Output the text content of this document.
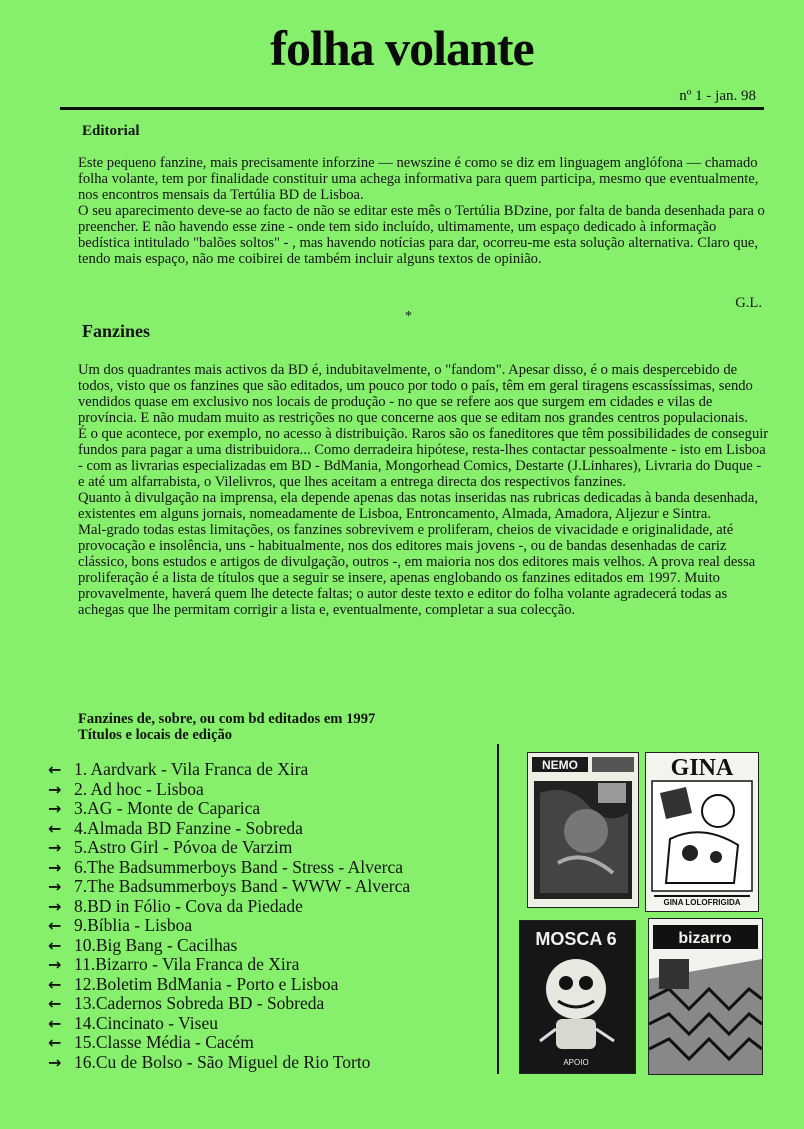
folha volante
nº 1 - jan. 98
Editorial

Este pequeno fanzine, mais precisamente inforzine — newszine é como se diz em linguagem anglófona — chamado folha volante, tem por finalidade constituir uma achega informativa para quem participa, mesmo que eventualmente, nos encontros mensais da Tertúlia BD de Lisboa.

O seu aparecimento deve-se ao facto de não se editar este mês o Tertúlia BDzine, por falta de banda desenhada para o preencher. E não havendo esse zine - onde tem sido incluído, ultimamente, um espaço dedicado à informação bedística intitulado "balões soltos" - , mas havendo notícias para dar, ocorreu-me esta solução alternativa. Claro que, tendo mais espaço, não me coibirei de também incluir alguns textos de opinião.

G.L.
*
Fanzines

Um dos quadrantes mais activos da BD é, indubitavelmente, o "fandom". Apesar disso, é o mais despercebido de todos, visto que os fanzines que são editados, um pouco por todo o país, têm em geral tiragens escassíssimas, sendo vendidos quase em exclusivo nos locais de produção - no que se refere aos que surgem em cidades e vilas de província. E não mudam muito as restrições no que concerne aos que se editam nos grandes centros populacionais.

É o que acontece, por exemplo, no acesso à distribuição. Raros são os faneditores que têm possibilidades de conseguir fundos para pagar a uma distribuidora... Como derradeira hipótese, resta-lhes contactar pessoalmente - isto em Lisboa - com as livrarias especializadas em BD - BdMania, Mongorhead Comics, Destarte (J.Linhares), Livraria do Duque - e até um alfarrabista, o Vilelivros, que lhes aceitam a entrega directa dos respectivos fanzines.

Quanto à divulgação na imprensa, ela depende apenas das notas inseridas nas rubricas dedicadas à banda desenhada, existentes em alguns jornais, nomeadamente de Lisboa, Entroncamento, Almada, Amadora, Aljezur e Sintra.

Mal-grado todas estas limitações, os fanzines sobrevivem e proliferam, cheios de vivacidade e originalidade, até provocação e insolência, uns - habitualmente, nos dos editores mais jovens -, ou de bandas desenhadas de cariz clássico, bons estudos e artigos de divulgação, outros -, em maioria nos dos editores mais velhos. A prova real dessa proliferação é a lista de títulos que a seguir se insere, apenas englobando os fanzines editados em 1997. Muito provavelmente, haverá quem lhe detecte faltas; o autor deste texto e editor do folha volante agradecerá todas as achegas que lhe permitam corrigir a lista e, eventualmente, completar a sua colecção.

Fanzines de, sobre, ou com bd editados em 1997
Títulos e locais de edição
← 1. Aardvark - Vila Franca de Xira
→ 2. Ad hoc - Lisboa
→ 3.AG - Monte de Caparica
← 4.Almada BD Fanzine - Sobreda
→ 5.Astro Girl - Póvoa de Varzim
→ 6.The Badsummerboys Band - Stress - Alverca
→ 7.The Badsummerboys Band - WWW - Alverca
→ 8.BD in Fólio - Cova da Piedade
← 9.Bíblia - Lisboa
← 10.Big Bang - Cacilhas
→ 11.Bizarro - Vila Franca de Xira
← 12.Boletim BdMania - Porto e Lisboa
← 13.Cadernos Sobreda BD - Sobreda
← 14.Cincinato - Viseu
← 15.Classe Média - Cacém
→ 16.Cu de Bolso - São Miguel de Rio Torto
NEMO	GINA
GINA LOLOFRIGIDA
MOSCA 6
APOIO
bizarro
